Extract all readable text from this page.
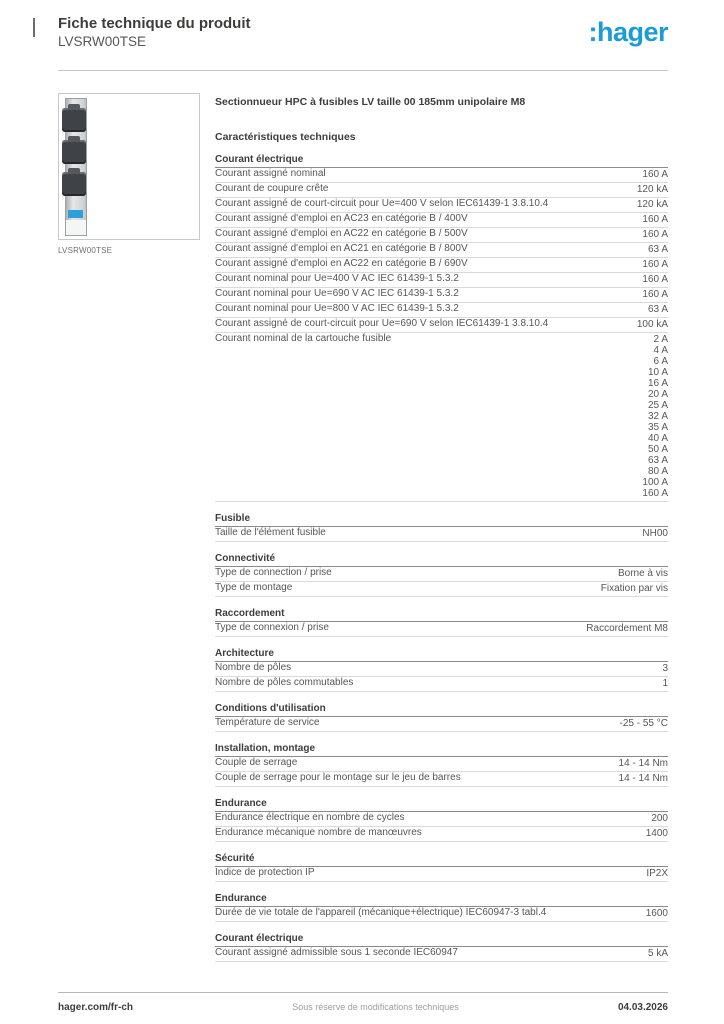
Fiche technique du produit
LVSRW00TSE	:hager
LVSRW00TSE
Sectionnueur HPC à fusibles LV taille 00 185mm unipolaire M8
Caractéristiques techniques
Courant électrique
Courant assigné nominal	160 A
Courant de coupure crête	120 kA
Courant assigné de court-circuit pour Ue=400 V selon IEC61439-1 3.8.10.4	120 kA
Courant assigné d'emploi en AC23 en catégorie B / 400V	160 A
Courant assigné d'emploi en AC22 en catégorie B / 500V	160 A
Courant assigné d'emploi en AC21 en catégorie B / 800V	63 A
Courant assigné d'emploi en AC22 en catégorie B / 690V	160 A
Courant nominal pour Ue=400 V AC IEC 61439-1 5.3.2	160 A
Courant nominal pour Ue=690 V AC IEC 61439-1 5.3.2	160 A
Courant nominal pour Ue=800 V AC IEC 61439-1 5.3.2	63 A
Courant assigné de court-circuit pour Ue=690 V selon IEC61439-1 3.8.10.4	100 kA
Courant nominal de la cartouche fusible	2 A
4 A
6 A
10 A
16 A
20 A
25 A
32 A
35 A
40 A
50 A
63 A
80 A
100 A
160 A
Fusible
Taille de l'élément fusible	NH00
Connectivité
Type de connection / prise	Borne à vis
Type de montage	Fixation par vis
Raccordement
Type de connexion / prise	Raccordement M8
Architecture
Nombre de pôles	3
Nombre de pôles commutables	1
Conditions d'utilisation
Température de service	-25 - 55 °C
Installation, montage
Couple de serrage	14 - 14 Nm
Couple de serrage pour le montage sur le jeu de barres	14 - 14 Nm
Endurance
Endurance électrique en nombre de cycles	200
Endurance mécanique nombre de manœuvres	1400
Sécurité
Indice de protection IP	IP2X
Endurance
Durée de vie totale de l'appareil (mécanique+électrique) IEC60947-3 tabl.4	1600
Courant électrique
Courant assigné admissible sous 1 seconde IEC60947	5 kA
hager.com/fr-ch	Sous réserve de modifications techniques	04.03.2026
